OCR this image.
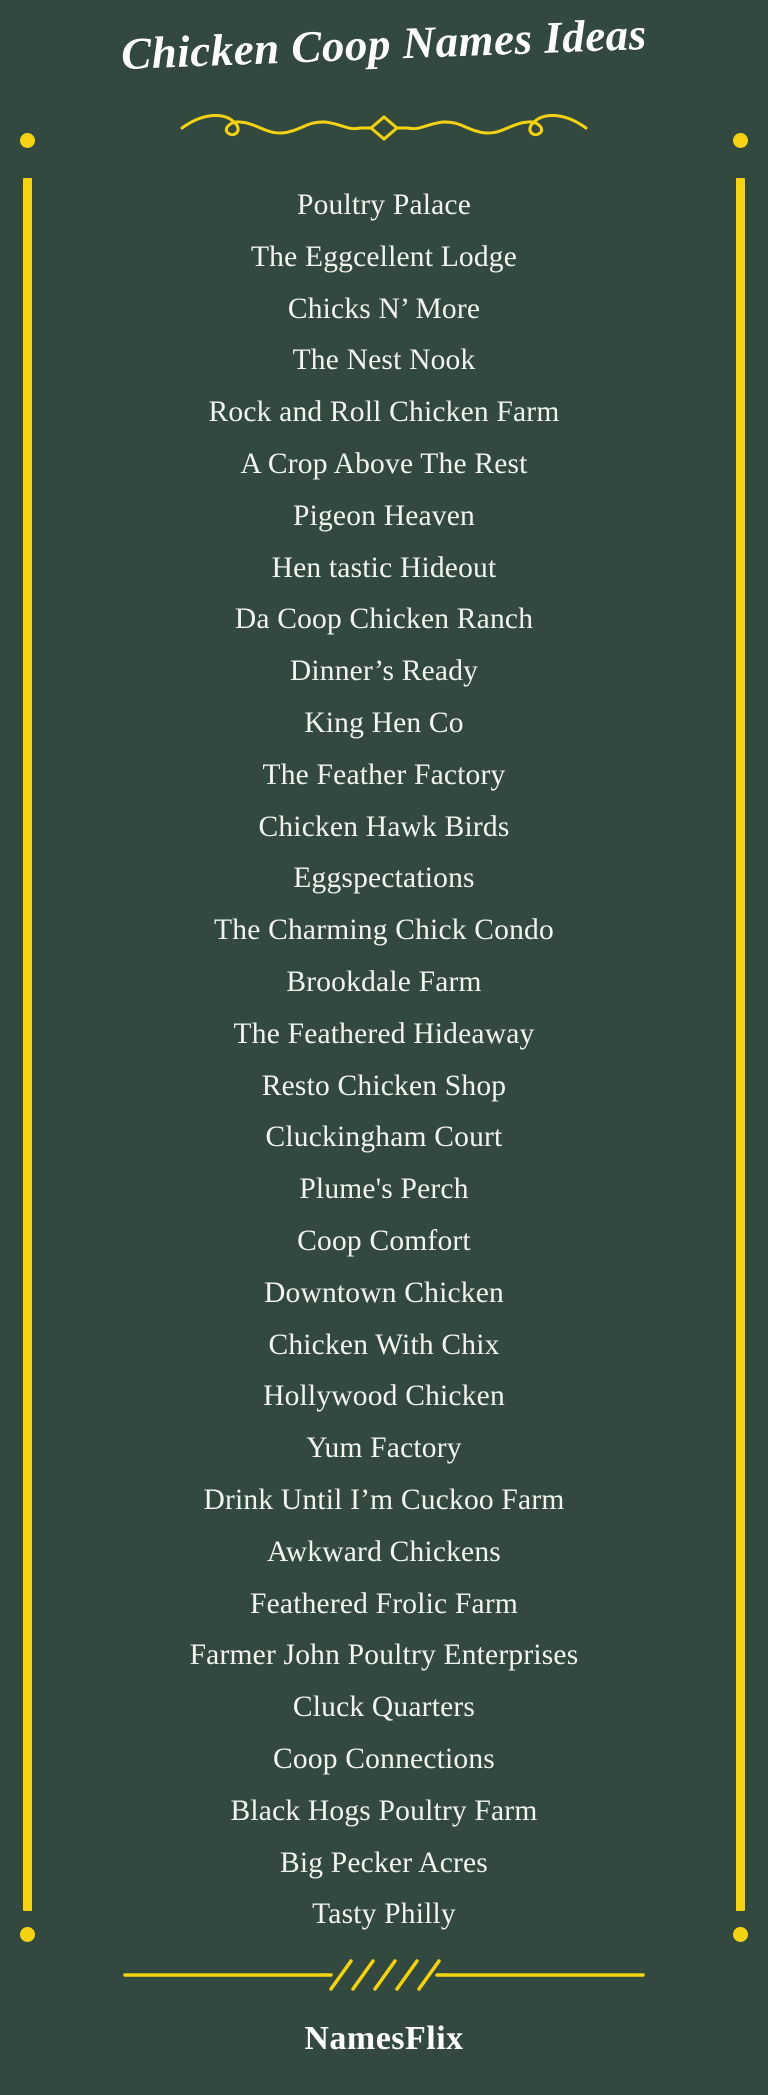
Chicken Coop Names Ideas
Poultry Palace
The Eggcellent Lodge
Chicks N’ More
The Nest Nook
Rock and Roll Chicken Farm
A Crop Above The Rest
Pigeon Heaven
Hen tastic Hideout
Da Coop Chicken Ranch
Dinner’s Ready
King Hen Co
The Feather Factory
Chicken Hawk Birds
Eggspectations
The Charming Chick Condo
Brookdale Farm
The Feathered Hideaway
Resto Chicken Shop
Cluckingham Court
Plume's Perch
Coop Comfort
Downtown Chicken
Chicken With Chix
Hollywood Chicken
Yum Factory
Drink Until I’m Cuckoo Farm
Awkward Chickens
Feathered Frolic Farm
Farmer John Poultry Enterprises
Cluck Quarters
Coop Connections
Black Hogs Poultry Farm
Big Pecker Acres
Tasty Philly
NamesFlix
